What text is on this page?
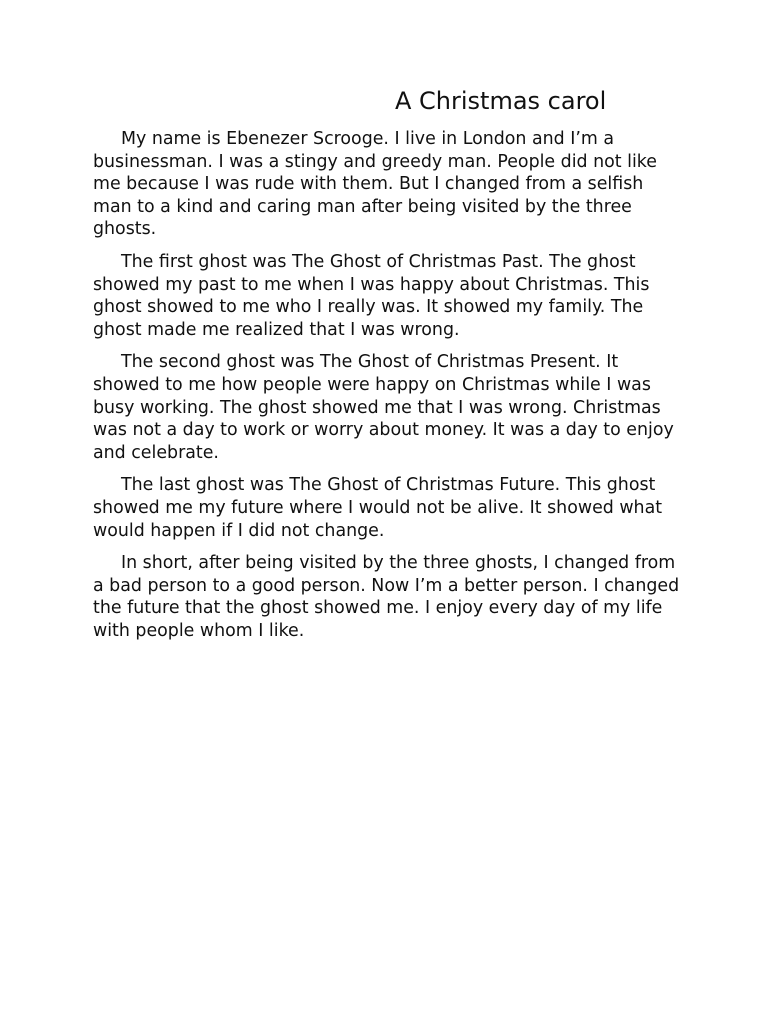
A Christmas carol

My name is Ebenezer Scrooge. I live in London and I’m a businessman. I was a stingy and greedy man. People did not like me because I was rude with them. But I changed from a selfish man to a kind and caring man after being visited by the three ghosts.

The first ghost was The Ghost of Christmas Past. The ghost showed my past to me when I was happy about Christmas. This ghost showed to me who I really was. It showed my family. The ghost made me realized that I was wrong.

The second ghost was The Ghost of Christmas Present. It showed to me how people were happy on Christmas while I was busy working. The ghost showed me that I was wrong. Christmas was not a day to work or worry about money. It was a day to enjoy and celebrate.

The last ghost was The Ghost of Christmas Future. This ghost showed me my future where I would not be alive. It showed what would happen if I did not change.

In short, after being visited by the three ghosts, I changed from a bad person to a good person. Now I’m a better person. I changed the future that the ghost showed me. I enjoy every day of my life with people whom I like.
